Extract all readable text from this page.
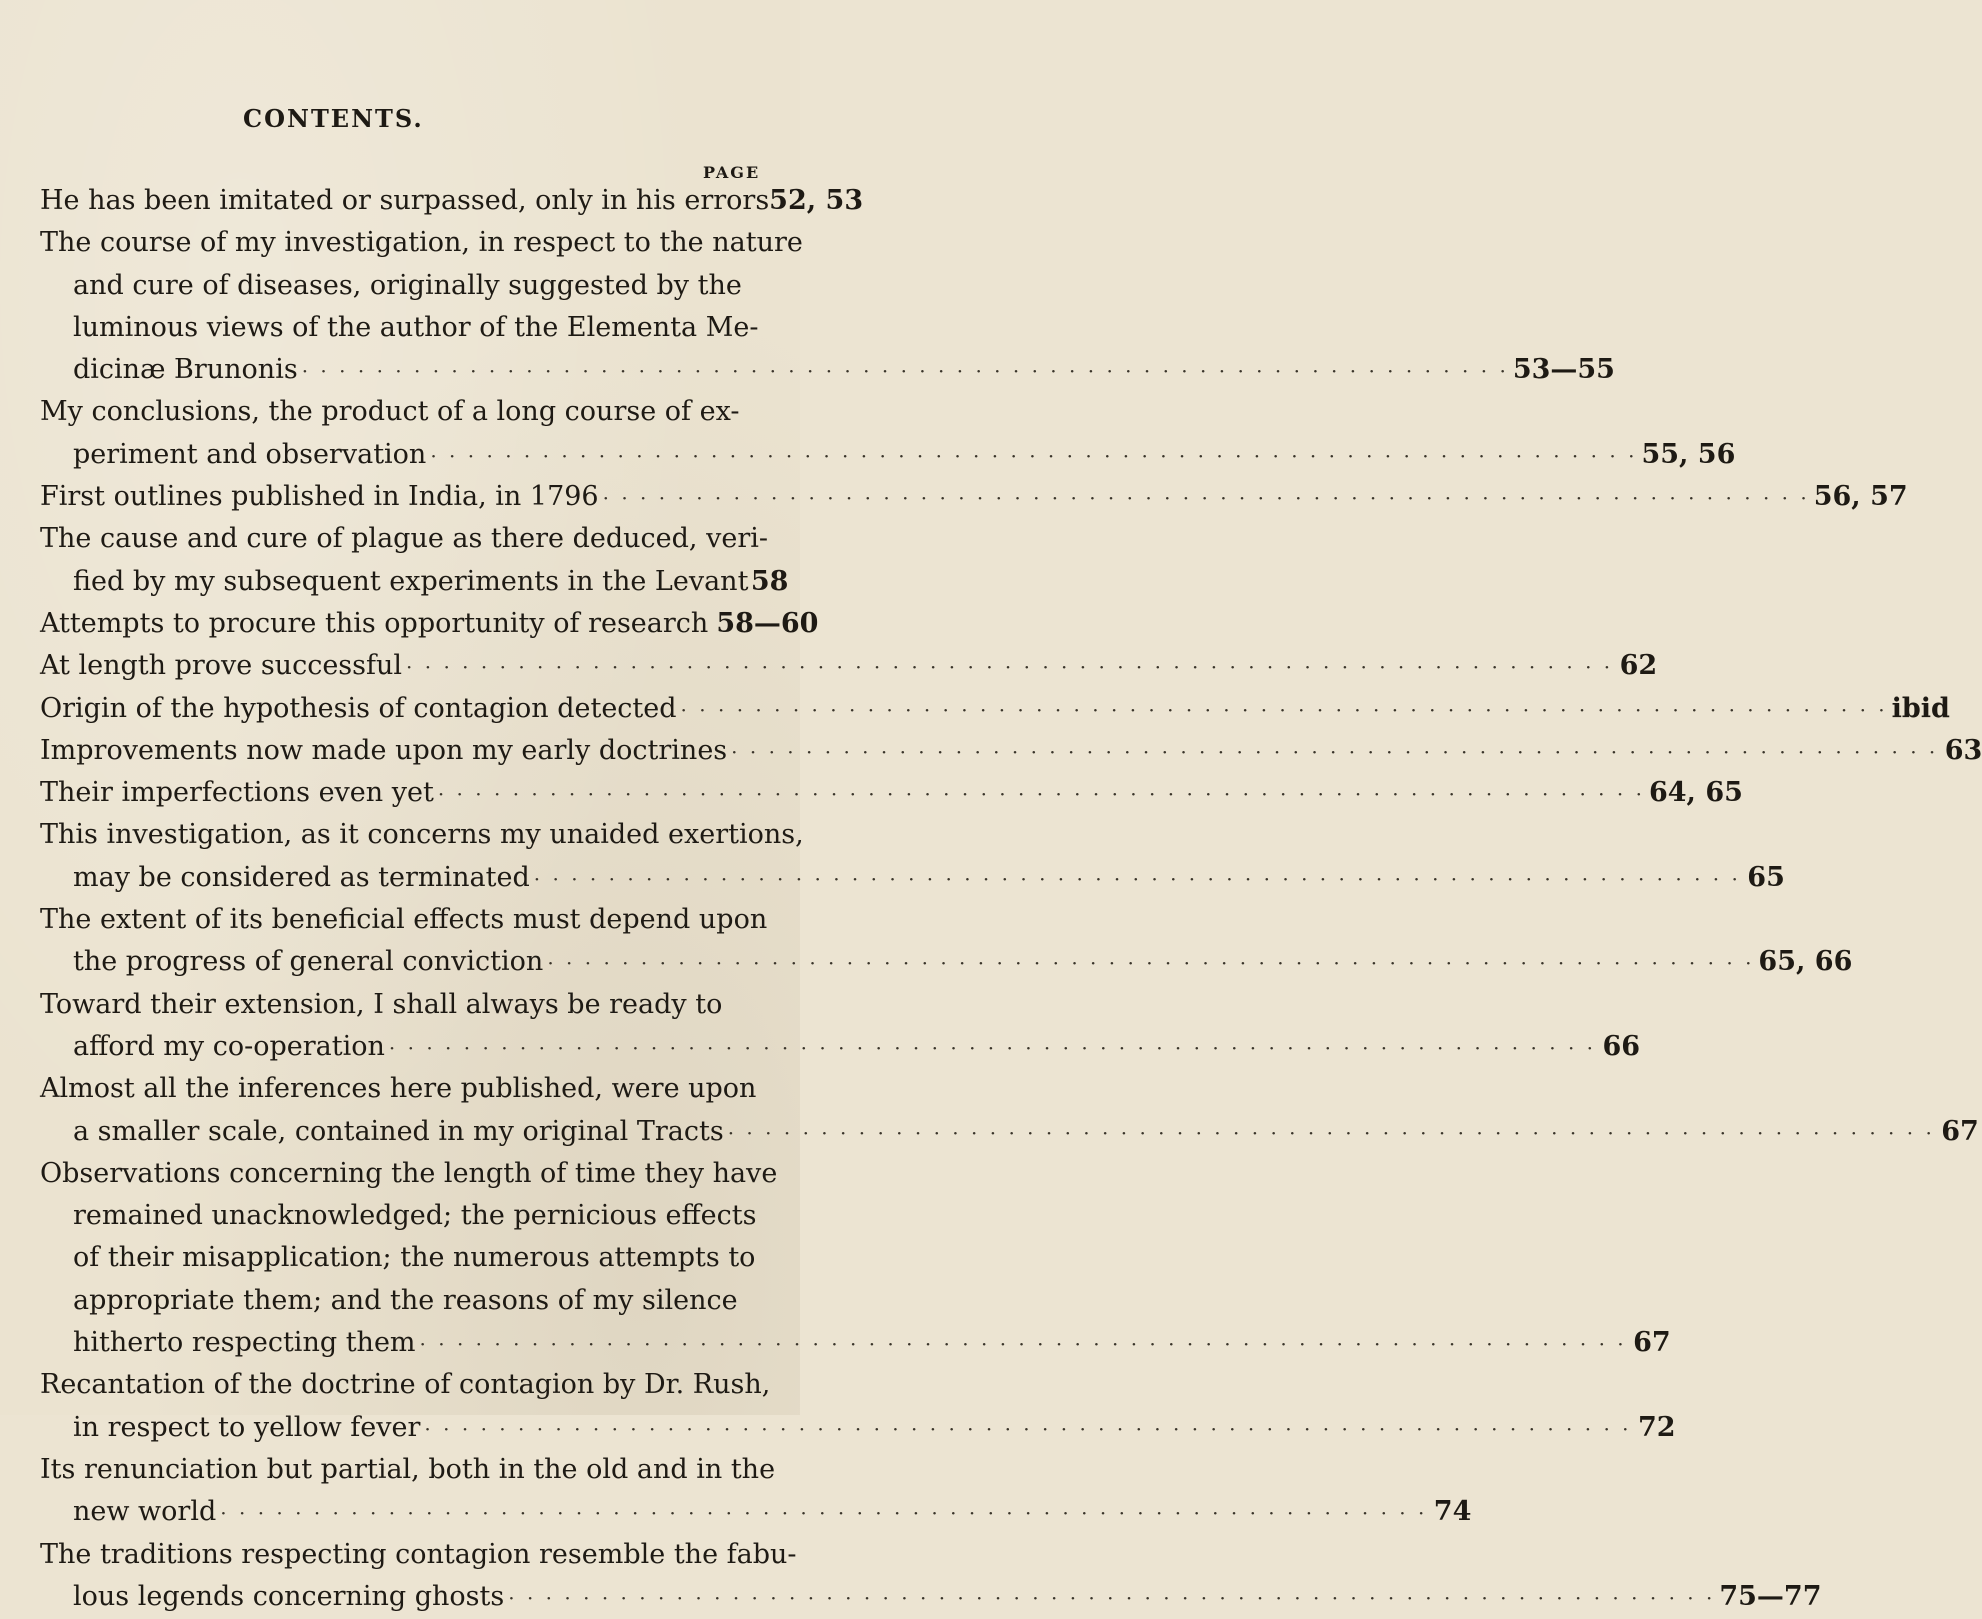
CONTENTS.
PAGE
He has been imitated or surpassed, only in his errors 52, 53
The course of my investigation, in respect to the nature
and cure of diseases, originally suggested by the
luminous views of the author of the Elementa Me-
dicinæ Brunonis · · ·	53—55
My conclusions, the product of a long course of ex-
periment and observation · · ·	55, 56
First outlines published in India, in 1796 · · ·	56, 57
The cause and cure of plague as there deduced, veri-
fied by my subsequent experiments in the Levant 58
Attempts to procure this opportunity of research 58—60
At length prove successful · · ·	62
Origin of the hypothesis of contagion detected · · ·	ibid
Improvements now made upon my early doctrines · · ·	63
Their imperfections even yet · · ·	64, 65
This investigation, as it concerns my unaided exertions,
may be considered as terminated · · ·	65
The extent of its beneficial effects must depend upon
the progress of general conviction · · ·	65, 66
Toward their extension, I shall always be ready to
afford my co-operation · · ·	66
Almost all the inferences here published, were upon
a smaller scale, contained in my original Tracts · · ·	67
Observations concerning the length of time they have
remained unacknowledged; the pernicious effects
of their misapplication; the numerous attempts to
appropriate them; and the reasons of my silence
hitherto respecting them · · ·	67
Recantation of the doctrine of contagion by Dr. Rush,
in respect to yellow fever · · ·	72
Its renunciation but partial, both in the old and in the
new world · · ·	74
The traditions respecting contagion resemble the fabu-
lous legends concerning ghosts · · ·	75—77
